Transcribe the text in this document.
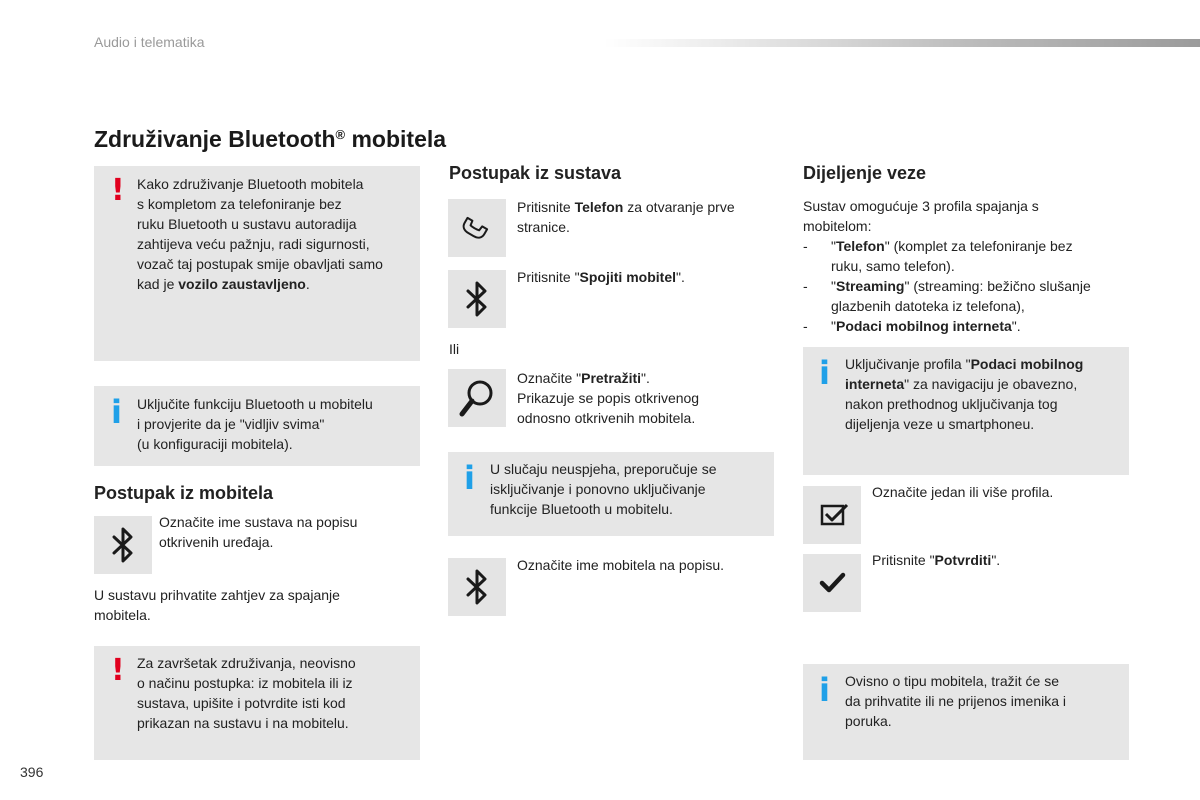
Audio i telematika
396
Združivanje Bluetooth® mobitela
! Kako združivanje Bluetooth mobitela

s kompletom za telefoniranje bez

ruku Bluetooth u sustavu autoradija

zahtijeva veću pažnju, radi sigurnosti,

vozač taj postupak smije obavljati samo

kad je vozilo zaustavljeno.

i Uključite funkciju Bluetooth u mobitelu

i provjerite da je "vidljiv svima"

(u konfiguraciji mobitela).

Postupak iz mobitela

Označite ime sustava na popisu

otkrivenih uređaja.

U sustavu prihvatite zahtjev za spajanje

mobitela.

! Za završetak združivanja, neovisno

o načinu postupka: iz mobitela ili iz

sustava, upišite i potvrdite isti kod

prikazan na sustavu i na mobitelu.

Postupak iz sustava

Pritisnite Telefon za otvaranje prve

stranice.

Pritisnite "Spojiti mobitel".

Ili

Označite "Pretražiti".

Prikazuje se popis otkrivenog

odnosno otkrivenih mobitela.

i U slučaju neuspjeha, preporučuje se

isključivanje i ponovno uključivanje

funkcije Bluetooth u mobitelu.

Označite ime mobitela na popisu.
Dijeljenje veze

Sustav omogućuje 3 profila spajanja s

mobitelom:

- "Telefon" (komplet za telefoniranje bez

ruku, samo telefon).

- "Streaming" (streaming: bežično slušanje

glazbenih datoteka iz telefona),

- "Podaci mobilnog interneta".

i Uključivanje profila "Podaci mobilnog

interneta" za navigaciju je obavezno,

nakon prethodnog uključivanja tog

dijeljenja veze u smartphoneu.

Označite jedan ili više profila.

Pritisnite "Potvrditi".

i Ovisno o tipu mobitela, tražit će se

da prihvatite ili ne prijenos imenika i

poruka.
